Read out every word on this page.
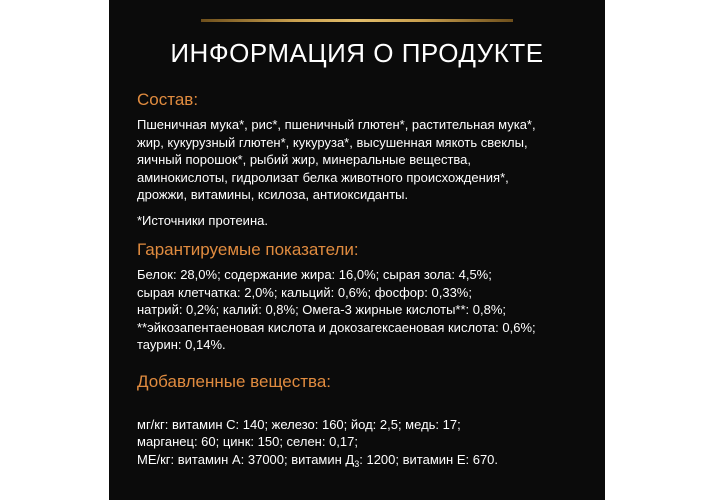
ИНФОРМАЦИЯ О ПРОДУКТЕ
Состав:

Пшеничная мука*, рис*, пшеничный глютен*, растительная мука*,
жир, кукурузный глютен*, кукуруза*, высушенная мякоть свеклы,
яичный порошок*, рыбий жир, минеральные вещества,
аминокислоты, гидролизат белка животного происхождения*,
дрожжи, витамины, ксилоза, антиоксиданты.

*Источники протеина.

Гарантируемые показатели:

Белок: 28,0%; содержание жира: 16,0%; сырая зола: 4,5%;
сырая клетчатка: 2,0%; кальций: 0,6%; фосфор: 0,33%;
натрий: 0,2%; калий: 0,8%; Омега-3 жирные кислоты**: 0,8%;
**эйкозапентаеновая кислота и докозагексаеновая кислота: 0,6%;
таурин: 0,14%.

Добавленные вещества:

мг/кг: витамин С: 140; железо: 160; йод: 2,5; медь: 17;
марганец: 60; цинк: 150; селен: 0,17;
МЕ/кг: витамин А: 37000; витамин $Д_3$: 1200; витамин Е: 670.
